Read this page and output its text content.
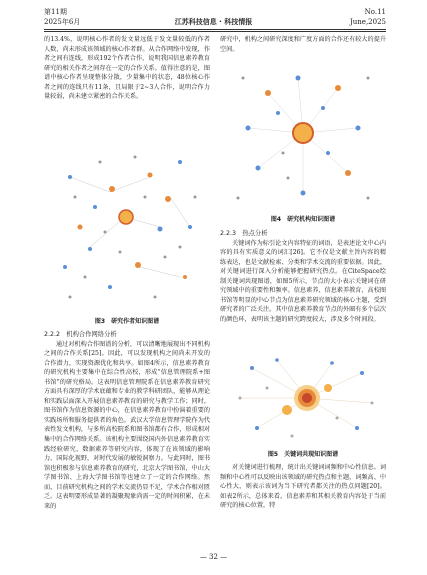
第11期
2025年6月	江苏科技信息 · 科技情报
No.11
June,2025

的13.4%，说明核心作者的发文量远低于发文量较低的作者人数，尚未形成该领域的核心作者群。从合作网络中发现，作者之间有连线，形成192个作者合作，说明我国信息素养教育研究的相关作者之间存在一定的合作关系。值得注意的是，图谱中核心作者呈现整体分散，少量集中的状态，48位核心作者之间的连线只有11条，且局限于2~3人合作，说明合作力量较弱，尚未建立紧密的合作关系。

图3　研究作者知识图谱
2.2.2　机构合作网络分析

通过对机构合作图谱的分析，可以清晰地展现出不同机构之间的合作关系[25]。因此，可以发现机构之间尚未开发的合作潜力，实现资源优化和共享。如图4所示，信息素养教育的研究机构主要集中在综合性高校，形成“信息管理院系+图书馆”的研究格局。这表明信息管理院系在信息素养教育研究方面具有深厚的学术底蕴和专业的教学科研团队，能够从理论和实践层面深入开展信息素养教育的研究与教学工作；同时，图书馆作为信息资源的中心，在信息素养教育中扮演着重要的实践场所和服务提供者的角色。武汉大学信息管理学院作为代表性发文机构，与多所高校院系和图书馆都有合作，形成相对集中的合作网络关系。该机构主要围绕国内外信息素养教育实践经验研究、数据素养等研究内容，体现了在该领域的影响力、国际化视野，对时代发展的敏锐洞察力。与此同时，图书馆也积极参与信息素养教育的研究，北京大学图书馆、中山大学图书馆、上海大学图书馆等也建立了一定的合作网络。然而，目前研究机构之间的学术交流仍显不足，学术合作相对匮乏。这表明要形成显著的凝聚现象尚需一定的时间积累，在未来的

研究中，机构之间研究深度和广度方面的合作还有较大的提升空间。

图4　研究机构知识图谱
2.2.3　热点分析

关键词作为标引论文内容特征的词语，是表述论文中心内容的具有实质意义的词汇[26]。它不仅是文献主旨内容的精练表达，也是文献检索、分类和学术交流的重要依据。因此，对关键词进行深入分析能够把握研究热点。在CiteSpace绘制关键词共现图谱，如图5所示，节点的大小表示关键词在研究领域中的重要性和频率。信息素养、信息素养教育、高校图书馆等明显的中心节点为信息素养研究领域的核心主题，受到研究者的广泛关注。其中信息素养教育节点的外圈有多个层次的颜色环，表明该主题的研究跨度较大，涉及多个时间段。

图5　关键词共现知识图谱

对关键词进行梳理，统计出关键词词频和中心性信息。词频和中心性可以反映出该领域的研究热点和主题，词频高、中心性大，则表示该词为当下研究者都关注的热点问题[20]。如表2所示，总体来看，信息素养和其相关教育内容处于当前研究的核心位置，特

— 32 —
